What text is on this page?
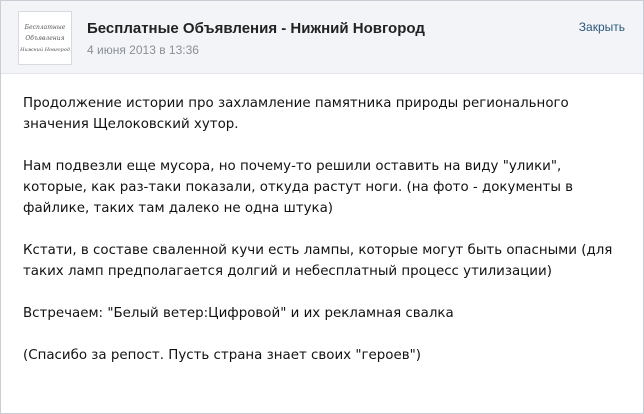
Бесплатные
Объявления
Нижний Новгород
Бесплатные Объявления - Нижний Новгород
4 июня 2013 в 13:36
Закрыть

Продолжение истории про захламление памятника природы регионального значения Щелоковский хутор.

Нам подвезли еще мусора, но почему-то решили оставить на виду "улики", которые, как раз-таки показали, откуда растут ноги. (на фото - документы в файлике, таких там далеко не одна штука)

Кстати, в составе сваленной кучи есть лампы, которые могут быть опасными (для таких ламп предполагается долгий и небесплатный процесс утилизации)

Встречаем: "Белый ветер:Цифровой" и их рекламная свалка

(Спасибо за репост. Пусть страна знает своих "героев")
